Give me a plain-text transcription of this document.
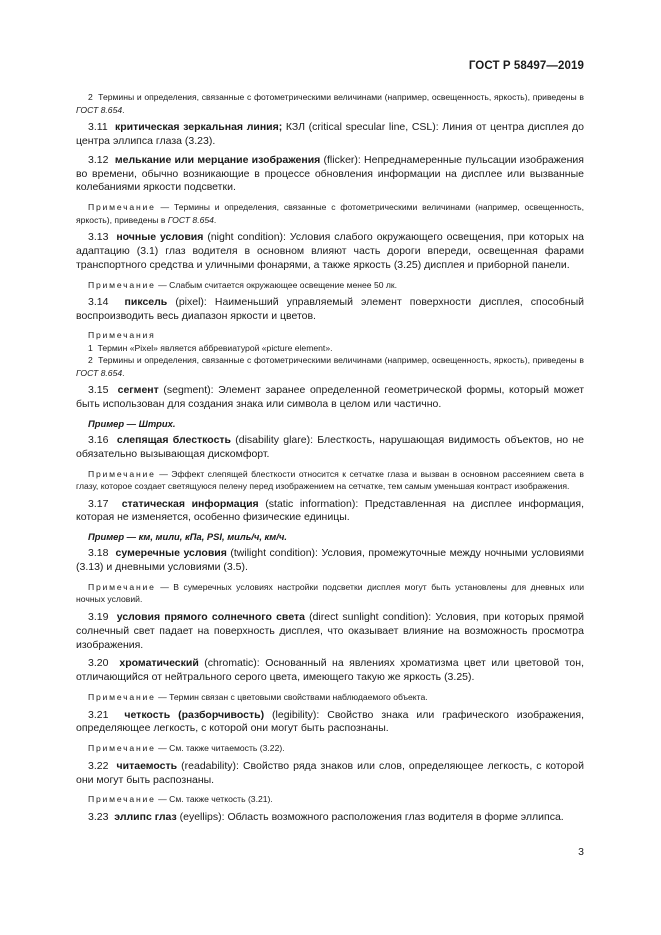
ГОСТ Р 58497—2019

2 Термины и определения, связанные с фотометрическими величинами (например, освещенность, яркость), приведены в ГОСТ 8.654.

3.11 критическая зеркальная линия; КЗЛ (critical specular line, CSL): Линия от центра дисплея до центра эллипса глаза (3.23).

3.12 мелькание или мерцание изображения (flicker): Непреднамеренные пульсации изображения во времени, обычно возникающие в процессе обновления информации на дисплее или вызванные колебаниями яркости подсветки.

Примечание — Термины и определения, связанные с фотометрическими величинами (например, освещенность, яркость), приведены в ГОСТ 8.654.

3.13 ночные условия (night condition): Условия слабого окружающего освещения, при которых на адаптацию (3.1) глаз водителя в основном влияют часть дороги впереди, освещенная фарами транспортного средства и уличными фонарями, а также яркость (3.25) дисплея и приборной панели.

Примечание — Слабым считается окружающее освещение менее 50 лк.

3.14 пиксель (pixel): Наименьший управляемый элемент поверхности дисплея, способный воспроизводить весь диапазон яркости и цветов.

Примечания

1 Термин «Pixel» является аббревиатурой «picture element».

2 Термины и определения, связанные с фотометрическими величинами (например, освещенность, яркость), приведены в ГОСТ 8.654.

3.15 сегмент (segment): Элемент заранее определенной геометрической формы, который может быть использован для создания знака или символа в целом или частично.

Пример — Штрих.

3.16 слепящая блесткость (disability glare): Блесткость, нарушающая видимость объектов, но не обязательно вызывающая дискомфорт.

Примечание — Эффект слепящей блесткости относится к сетчатке глаза и вызван в основном рассеянием света в глазу, которое создает светящуюся пелену перед изображением на сетчатке, тем самым уменьшая контраст изображения.

3.17 статическая информация (static information): Представленная на дисплее информация, которая не изменяется, особенно физические единицы.

Пример — км, мили, кПа, PSI, миль/ч, км/ч.

3.18 сумеречные условия (twilight condition): Условия, промежуточные между ночными условиями (3.13) и дневными условиями (3.5).

Примечание — В сумеречных условиях настройки подсветки дисплея могут быть установлены для дневных или ночных условий.

3.19 условия прямого солнечного света (direct sunlight condition): Условия, при которых прямой солнечный свет падает на поверхность дисплея, что оказывает влияние на возможность просмотра изображения.

3.20 хроматический (chromatic): Основанный на явлениях хроматизма цвет или цветовой тон, отличающийся от нейтрального серого цвета, имеющего такую же яркость (3.25).

Примечание — Термин связан с цветовыми свойствами наблюдаемого объекта.

3.21 четкость (разборчивость) (legibility): Свойство знака или графического изображения, определяющее легкость, с которой они могут быть распознаны.

Примечание — См. также читаемость (3.22).

3.22 читаемость (readability): Свойство ряда знаков или слов, определяющее легкость, с которой они могут быть распознаны.

Примечание — См. также четкость (3.21).

3.23 эллипс глаз (eyellips): Область возможного расположения глаз водителя в форме эллипса.

3
